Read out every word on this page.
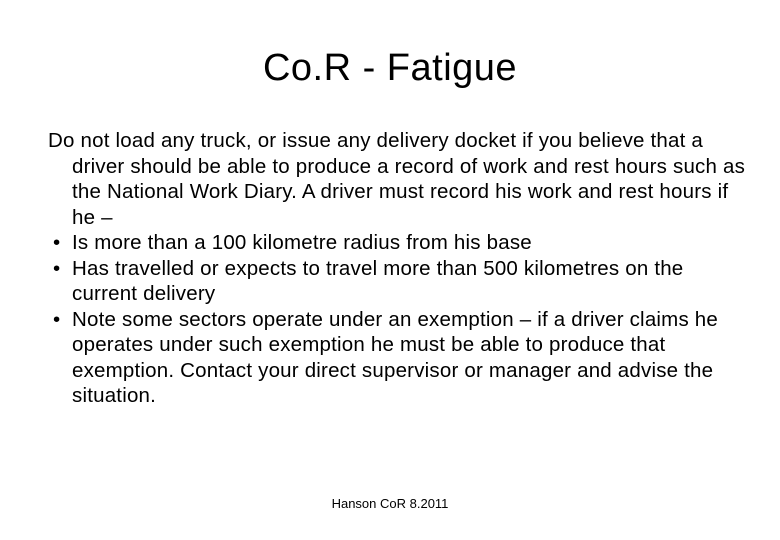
Co.R - Fatigue

Do not load any truck, or issue any delivery docket if you believe that a driver should be able to produce a record of work and rest hours such as the National Work Diary. A driver must record his work and rest hours if he –

• Is more than a 100 kilometre radius from his base
• Has travelled or expects to travel more than 500 kilometres on the current delivery
• Note some sectors operate under an exemption – if a driver claims he operates under such exemption he must be able to produce that exemption. Contact your direct supervisor or manager and advise the situation.
Hanson CoR 8.2011
